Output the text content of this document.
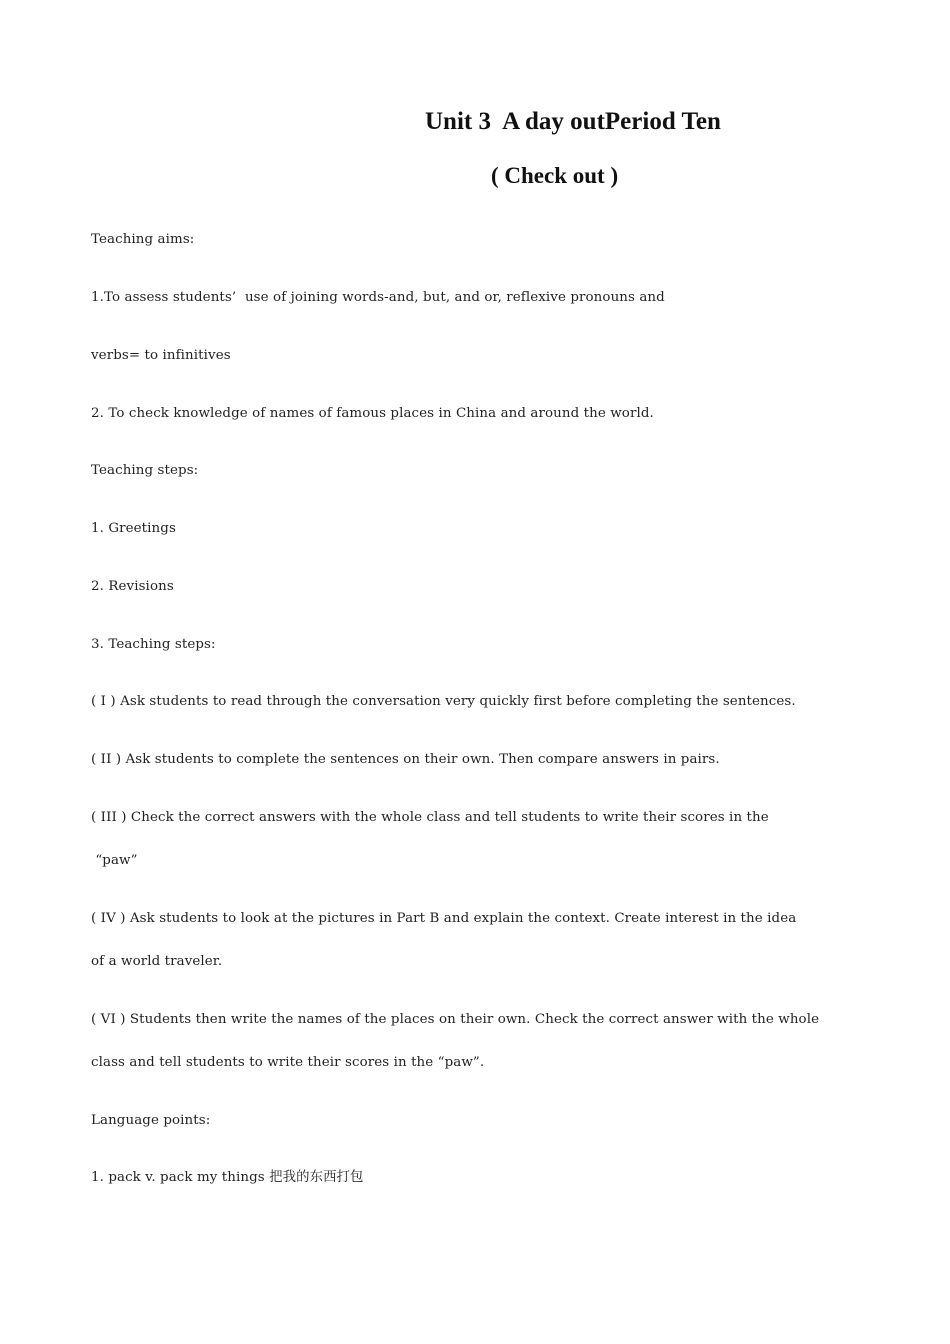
Unit 3  A day outPeriod Ten
( Check out )
Teaching aims:
1.To assess students’  use of joining words-and, but, and or, reflexive pronouns and
verbs= to infinitives
2. To check knowledge of names of famous places in China and around the world.
Teaching steps:
1. Greetings
2. Revisions
3. Teaching steps:
( I ) Ask students to read through the conversation very quickly first before completing the sentences.
( II ) Ask students to complete the sentences on their own. Then compare answers in pairs.
( III ) Check the correct answers with the whole class and tell students to write their scores in the
“paw”
( IV ) Ask students to look at the pictures in Part B and explain the context. Create interest in the idea
of a world traveler.
( VI ) Students then write the names of the places on their own. Check the correct answer with the whole
class and tell students to write their scores in the “paw”.
Language points:
1. pack v. pack my things 把我的东西打包
